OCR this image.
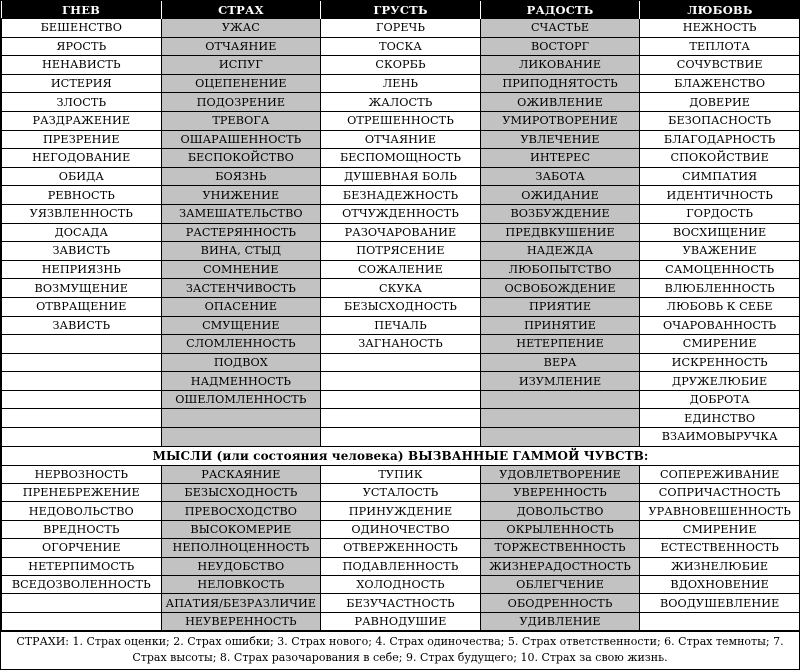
ГНЕВ	СТРАХ	ГРУСТЬ	РАДОСТЬ	ЛЮБОВЬ
БЕШЕНСТВО	УЖАС	ГОРЕЧЬ	СЧАСТЬЕ	НЕЖНОСТЬ
ЯРОСТЬ	ОТЧАЯНИЕ	ТОСКА	ВОСТОРГ	ТЕПЛОТА
НЕНАВИСТЬ	ИСПУГ	СКОРБЬ	ЛИКОВАНИЕ	СОЧУВСТВИЕ
ИСТЕРИЯ	ОЦЕПЕНЕНИЕ	ЛЕНЬ	ПРИПОДНЯТОСТЬ	БЛАЖЕНСТВО
ЗЛОСТЬ	ПОДОЗРЕНИЕ	ЖАЛОСТЬ	ОЖИВЛЕНИЕ	ДОВЕРИЕ
РАЗДРАЖЕНИЕ	ТРЕВОГА	ОТРЕШЕННОСТЬ	УМИРОТВОРЕНИЕ	БЕЗОПАСНОСТЬ
ПРЕЗРЕНИЕ	ОШАРАШЕННОСТЬ	ОТЧАЯНИЕ	УВЛЕЧЕНИЕ	БЛАГОДАРНОСТЬ
НЕГОДОВАНИЕ	БЕСПОКОЙСТВО	БЕСПОМОЩНОСТЬ	ИНТЕРЕС	СПОКОЙСТВИЕ
ОБИДА	БОЯЗНЬ	ДУШЕВНАЯ БОЛЬ	ЗАБОТА	СИМПАТИЯ
РЕВНОСТЬ	УНИЖЕНИЕ	БЕЗНАДЕЖНОСТЬ	ОЖИДАНИЕ	ИДЕНТИЧНОСТЬ
УЯЗВЛЕННОСТЬ	ЗАМЕШАТЕЛЬСТВО	ОТЧУЖДЕННОСТЬ	ВОЗБУЖДЕНИЕ	ГОРДОСТЬ
ДОСАДА	РАСТЕРЯННОСТЬ	РАЗОЧАРОВАНИЕ	ПРЕДВКУШЕНИЕ	ВОСХИЩЕНИЕ
ЗАВИСТЬ	ВИНА, СТЫД	ПОТРЯСЕНИЕ	НАДЕЖДА	УВАЖЕНИЕ
НЕПРИЯЗНЬ	СОМНЕНИЕ	СОЖАЛЕНИЕ	ЛЮБОПЫТСТВО	САМОЦЕННОСТЬ
ВОЗМУЩЕНИЕ	ЗАСТЕНЧИВОСТЬ	СКУКА	ОСВОБОЖДЕНИЕ	ВЛЮБЛЕННОСТЬ
ОТВРАЩЕНИЕ	ОПАСЕНИЕ	БЕЗЫСХОДНОСТЬ	ПРИЯТИЕ	ЛЮБОВЬ К СЕБЕ
ЗАВИСТЬ	СМУЩЕНИЕ	ПЕЧАЛЬ	ПРИНЯТИЕ	ОЧАРОВАННОСТЬ
	СЛОМЛЕННОСТЬ	ЗАГНАНОСТЬ	НЕТЕРПЕНИЕ	СМИРЕНИЕ
	ПОДВОХ		ВЕРА	ИСКРЕННОСТЬ
	НАДМЕННОСТЬ		ИЗУМЛЕНИЕ	ДРУЖЕЛЮБИЕ
	ОШЕЛОМЛЕННОСТЬ			ДОБРОТА
				ЕДИНСТВО
				ВЗАИМОВЫРУЧКА
МЫСЛИ (или состояния человека) ВЫЗВАННЫЕ ГАММОЙ ЧУВСТВ:				
НЕРВОЗНОСТЬ	РАСКАЯНИЕ	ТУПИК	УДОВЛЕТВОРЕНИЕ	СОПЕРЕЖИВАНИЕ
ПРЕНЕБРЕЖЕНИЕ	БЕЗЫСХОДНОСТЬ	УСТАЛОСТЬ	УВЕРЕННОСТЬ	СОПРИЧАСТНОСТЬ
НЕДОВОЛЬСТВО	ПРЕВОСХОДСТВО	ПРИНУЖДЕНИЕ	ДОВОЛЬСТВО	УРАВНОВЕШЕННОСТЬ
ВРЕДНОСТЬ	ВЫСОКОМЕРИЕ	ОДИНОЧЕСТВО	ОКРЫЛЕННОСТЬ	СМИРЕНИЕ
ОГОРЧЕНИЕ	НЕПОЛНОЦЕННОСТЬ	ОТВЕРЖЕННОСТЬ	ТОРЖЕСТВЕННОСТЬ	ЕСТЕСТВЕННОСТЬ
НЕТЕРПИМОСТЬ	НЕУДОБСТВО	ПОДАВЛЕННОСТЬ	ЖИЗНЕРАДОСТНОСТЬ	ЖИЗНЕЛЮБИЕ
ВСЕДОЗВОЛЕННОСТЬ	НЕЛОВКОСТЬ	ХОЛОДНОСТЬ	ОБЛЕГЧЕНИЕ	ВДОХНОВЕНИЕ
	АПАТИЯ/БЕЗРАЗЛИЧИЕ	БЕЗУЧАСТНОСТЬ	ОБОДРЕННОСТЬ	ВООДУШЕВЛЕНИЕ
	НЕУВЕРЕННОСТЬ	РАВНОДУШИЕ	УДИВЛЕНИЕ	
СТРАХИ: 1. Страх оценки; 2. Страх ошибки; 3. Страх нового; 4. Страх одиночества; 5. Страх ответственности; 6. Страх темноты; 7.
Страх высоты; 8. Страх разочарования в себе; 9. Страх будущего; 10. Страх за свою жизнь.
